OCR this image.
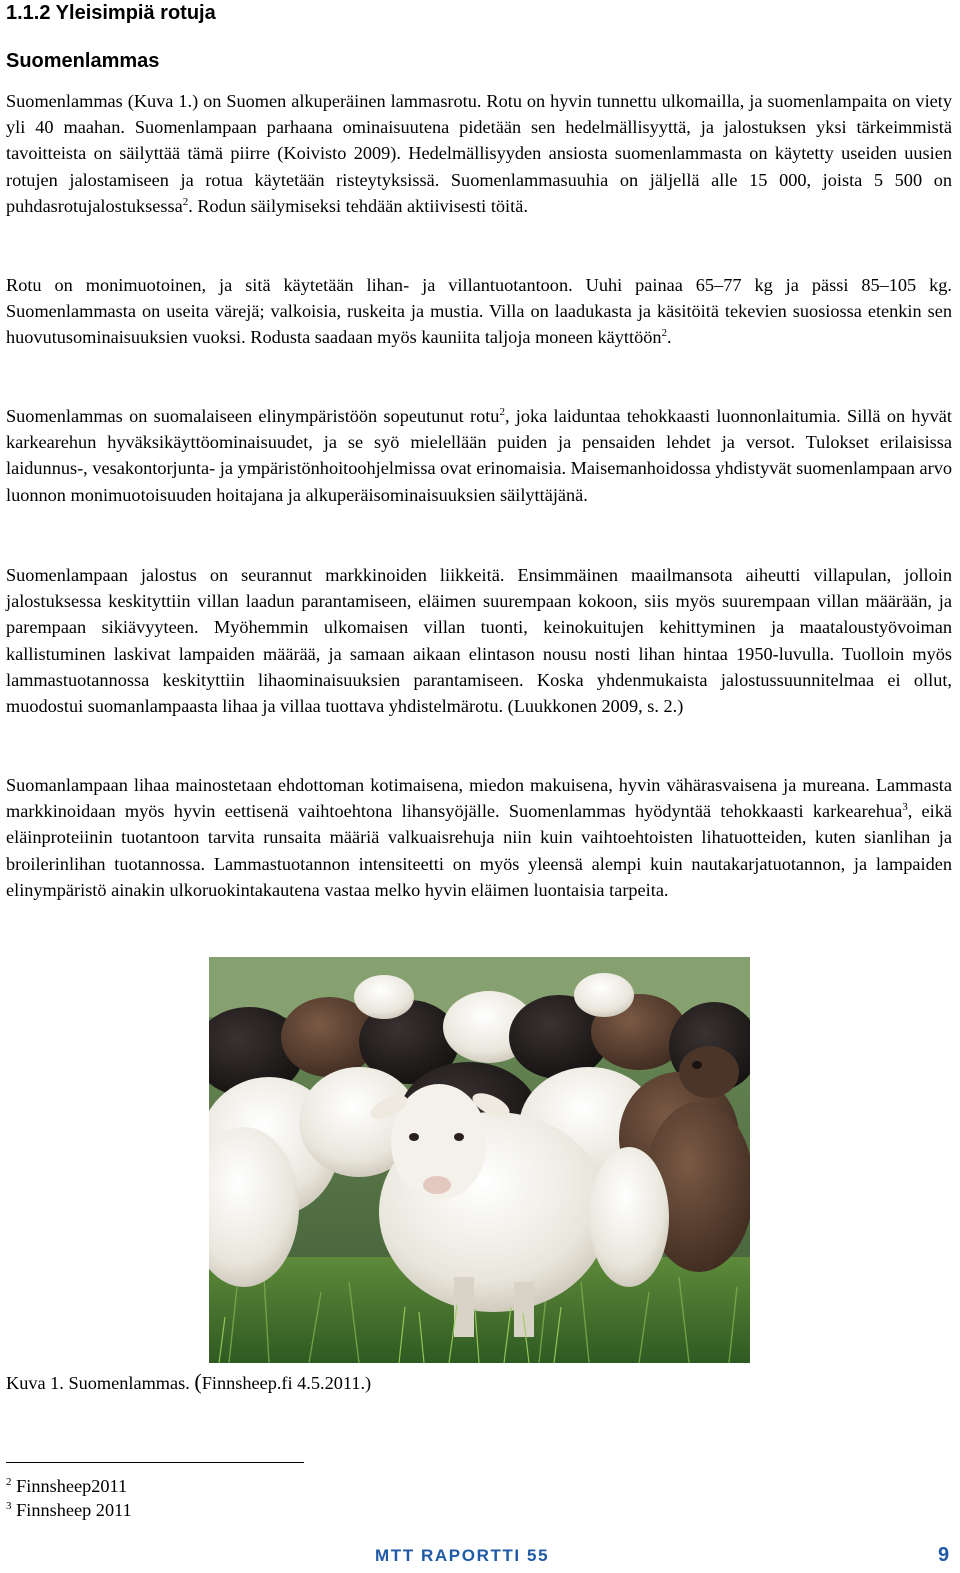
1.1.2 Yleisimpiä rotuja
Suomenlammas

Suomenlammas (Kuva 1.) on Suomen alkuperäinen lammasrotu. Rotu on hyvin tunnettu ulkomailla, ja suomenlampaita on viety yli 40 maahan. Suomenlampaan parhaana ominaisuutena pidetään sen hedelmällisyyttä, ja jalostuksen yksi tärkeimmistä tavoitteista on säilyttää tämä piirre (Koivisto 2009). Hedelmällisyyden ansiosta suomenlammasta on käytetty useiden uusien rotujen jalostamiseen ja rotua käytetään risteytyksissä. Suomenlammasuuhia on jäljellä alle 15 000, joista 5 500 on puhdasrotujalostuksessa$^2$. Rodun säilymiseksi tehdään aktiivisesti töitä.

Rotu on monimuotoinen, ja sitä käytetään lihan- ja villantuotantoon. Uuhi painaa 65–77 kg ja pässi 85–105 kg. Suomenlammasta on useita värejä; valkoisia, ruskeita ja mustia. Villa on laadukasta ja käsitöitä tekevien suosiossa etenkin sen huovutusominaisuuksien vuoksi. Rodusta saadaan myös kauniita taljoja moneen käyttöön$^2$.

Suomenlammas on suomalaiseen elinympäristöön sopeutunut rotu$^2$, joka laiduntaa tehokkaasti luonnonlaitumia. Sillä on hyvät karkearehun hyväksikäyttöominaisuudet, ja se syö mielellään puiden ja pensaiden lehdet ja versot. Tulokset erilaisissa laidunnus-, vesakontorjunta- ja ympäristönhoitoohjelmissa ovat erinomaisia. Maisemanhoidossa yhdistyvät suomenlampaan arvo luonnon monimuotoisuuden hoitajana ja alkuperäisominaisuuksien säilyttäjänä.

Suomenlampaan jalostus on seurannut markkinoiden liikkeitä. Ensimmäinen maailmansota aiheutti villapulan, jolloin jalostuksessa keskityttiin villan laadun parantamiseen, eläimen suurempaan kokoon, siis myös suurempaan villan määrään, ja parempaan sikiävyyteen. Myöhemmin ulkomaisen villan tuonti, keinokuitujen kehittyminen ja maataloustyövoiman kallistuminen laskivat lampaiden määrää, ja samaan aikaan elintason nousu nosti lihan hintaa 1950-luvulla. Tuolloin myös lammastuotannossa keskityttiin lihaominaisuuksien parantamiseen. Koska yhdenmukaista jalostussuunnitelmaa ei ollut, muodostui suomanlampaasta lihaa ja villaa tuottava yhdistelmärotu. (Luukkonen 2009, s. 2.)

Suomanlampaan lihaa mainostetaan ehdottoman kotimaisena, miedon makuisena, hyvin vähärasvaisena ja mureana. Lammasta markkinoidaan myös hyvin eettisenä vaihtoehtona lihansyöjälle. Suomenlammas hyödyntää tehokkaasti karkearehua$^3$, eikä eläinproteiinin tuotantoon tarvita runsaita määriä valkuaisrehuja niin kuin vaihtoehtoisten lihatuotteiden, kuten sianlihan ja broilerinlihan tuotannossa. Lammastuotannon intensiteetti on myös yleensä alempi kuin nautakarjatuotannon, ja lampaiden elinympäristö ainakin ulkoruokintakautena vastaa melko hyvin eläimen luontaisia tarpeita.

Kuva 1. Suomenlammas. (Finnsheep.fi 4.5.2011.)

$^2$ Finnsheep2011

$^3$ Finnsheep 2011

MTT RAPORTTI 55	9
